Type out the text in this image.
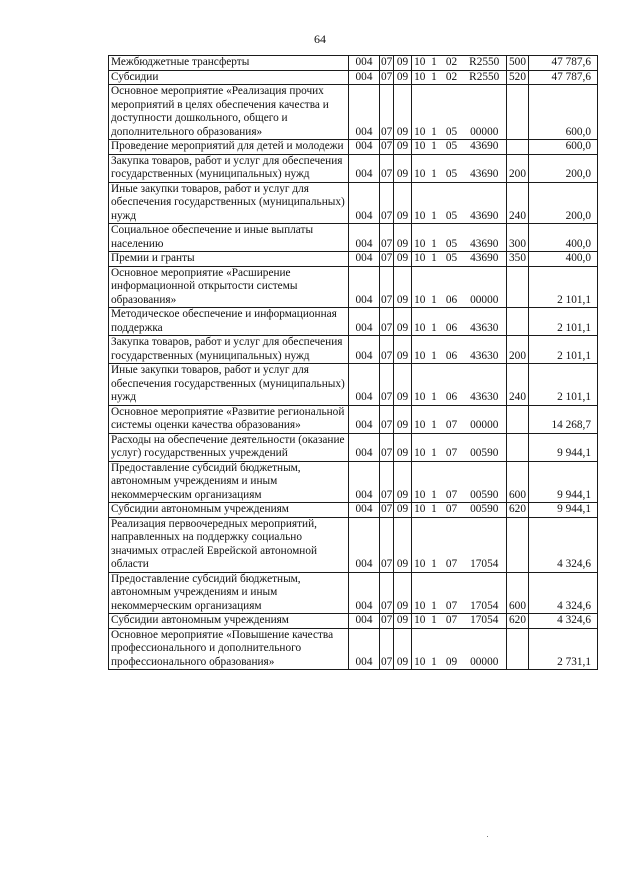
64
Межбюджетные трансферты	004	07	09	10	1	02	R2550	500	47 787,6
Субсидии	004	07	09	10	1	02	R2550	520	47 787,6
Основное мероприятие «Реализация прочих мероприятий в целях обеспечения качества и доступности дошкольного, общего и дополнительного образования»	004	07	09	10	1	05	00000		600,0
Проведение мероприятий для детей и молодежи	004	07	09	10	1	05	43690		600,0
Закупка товаров, работ и услуг для обеспечения государственных (муниципальных) нужд	004	07	09	10	1	05	43690	200	200,0
Иные закупки товаров, работ и услуг для обеспечения государственных (муниципальных) нужд	004	07	09	10	1	05	43690	240	200,0
Социальное обеспечение и иные выплаты населению	004	07	09	10	1	05	43690	300	400,0
Премии и гранты	004	07	09	10	1	05	43690	350	400,0
Основное мероприятие «Расширение информационной открытости системы образования»	004	07	09	10	1	06	00000		2 101,1
Методическое обеспечение и информационная поддержка	004	07	09	10	1	06	43630		2 101,1
Закупка товаров, работ и услуг для обеспечения государственных (муниципальных) нужд	004	07	09	10	1	06	43630	200	2 101,1
Иные закупки товаров, работ и услуг для обеспечения государственных (муниципальных) нужд	004	07	09	10	1	06	43630	240	2 101,1
Основное мероприятие «Развитие региональной системы оценки качества образования»	004	07	09	10	1	07	00000		14 268,7
Расходы на обеспечение деятельности (оказание услуг) государственных учреждений	004	07	09	10	1	07	00590		9 944,1
Предоставление субсидий бюджетным, автономным учреждениям и иным некоммерческим организациям	004	07	09	10	1	07	00590	600	9 944,1
Субсидии автономным учреждениям	004	07	09	10	1	07	00590	620	9 944,1
Реализация первоочередных мероприятий, направленных на поддержку социально значимых отраслей Еврейской автономной области	004	07	09	10	1	07	17054		4 324,6
Предоставление субсидий бюджетным, автономным учреждениям и иным некоммерческим организациям	004	07	09	10	1	07	17054	600	4 324,6
Субсидии автономным учреждениям	004	07	09	10	1	07	17054	620	4 324,6
Основное мероприятие «Повышение качества профессионального и дополнительного профессионального образования»	004	07	09	10	1	09	00000		2 731,1
